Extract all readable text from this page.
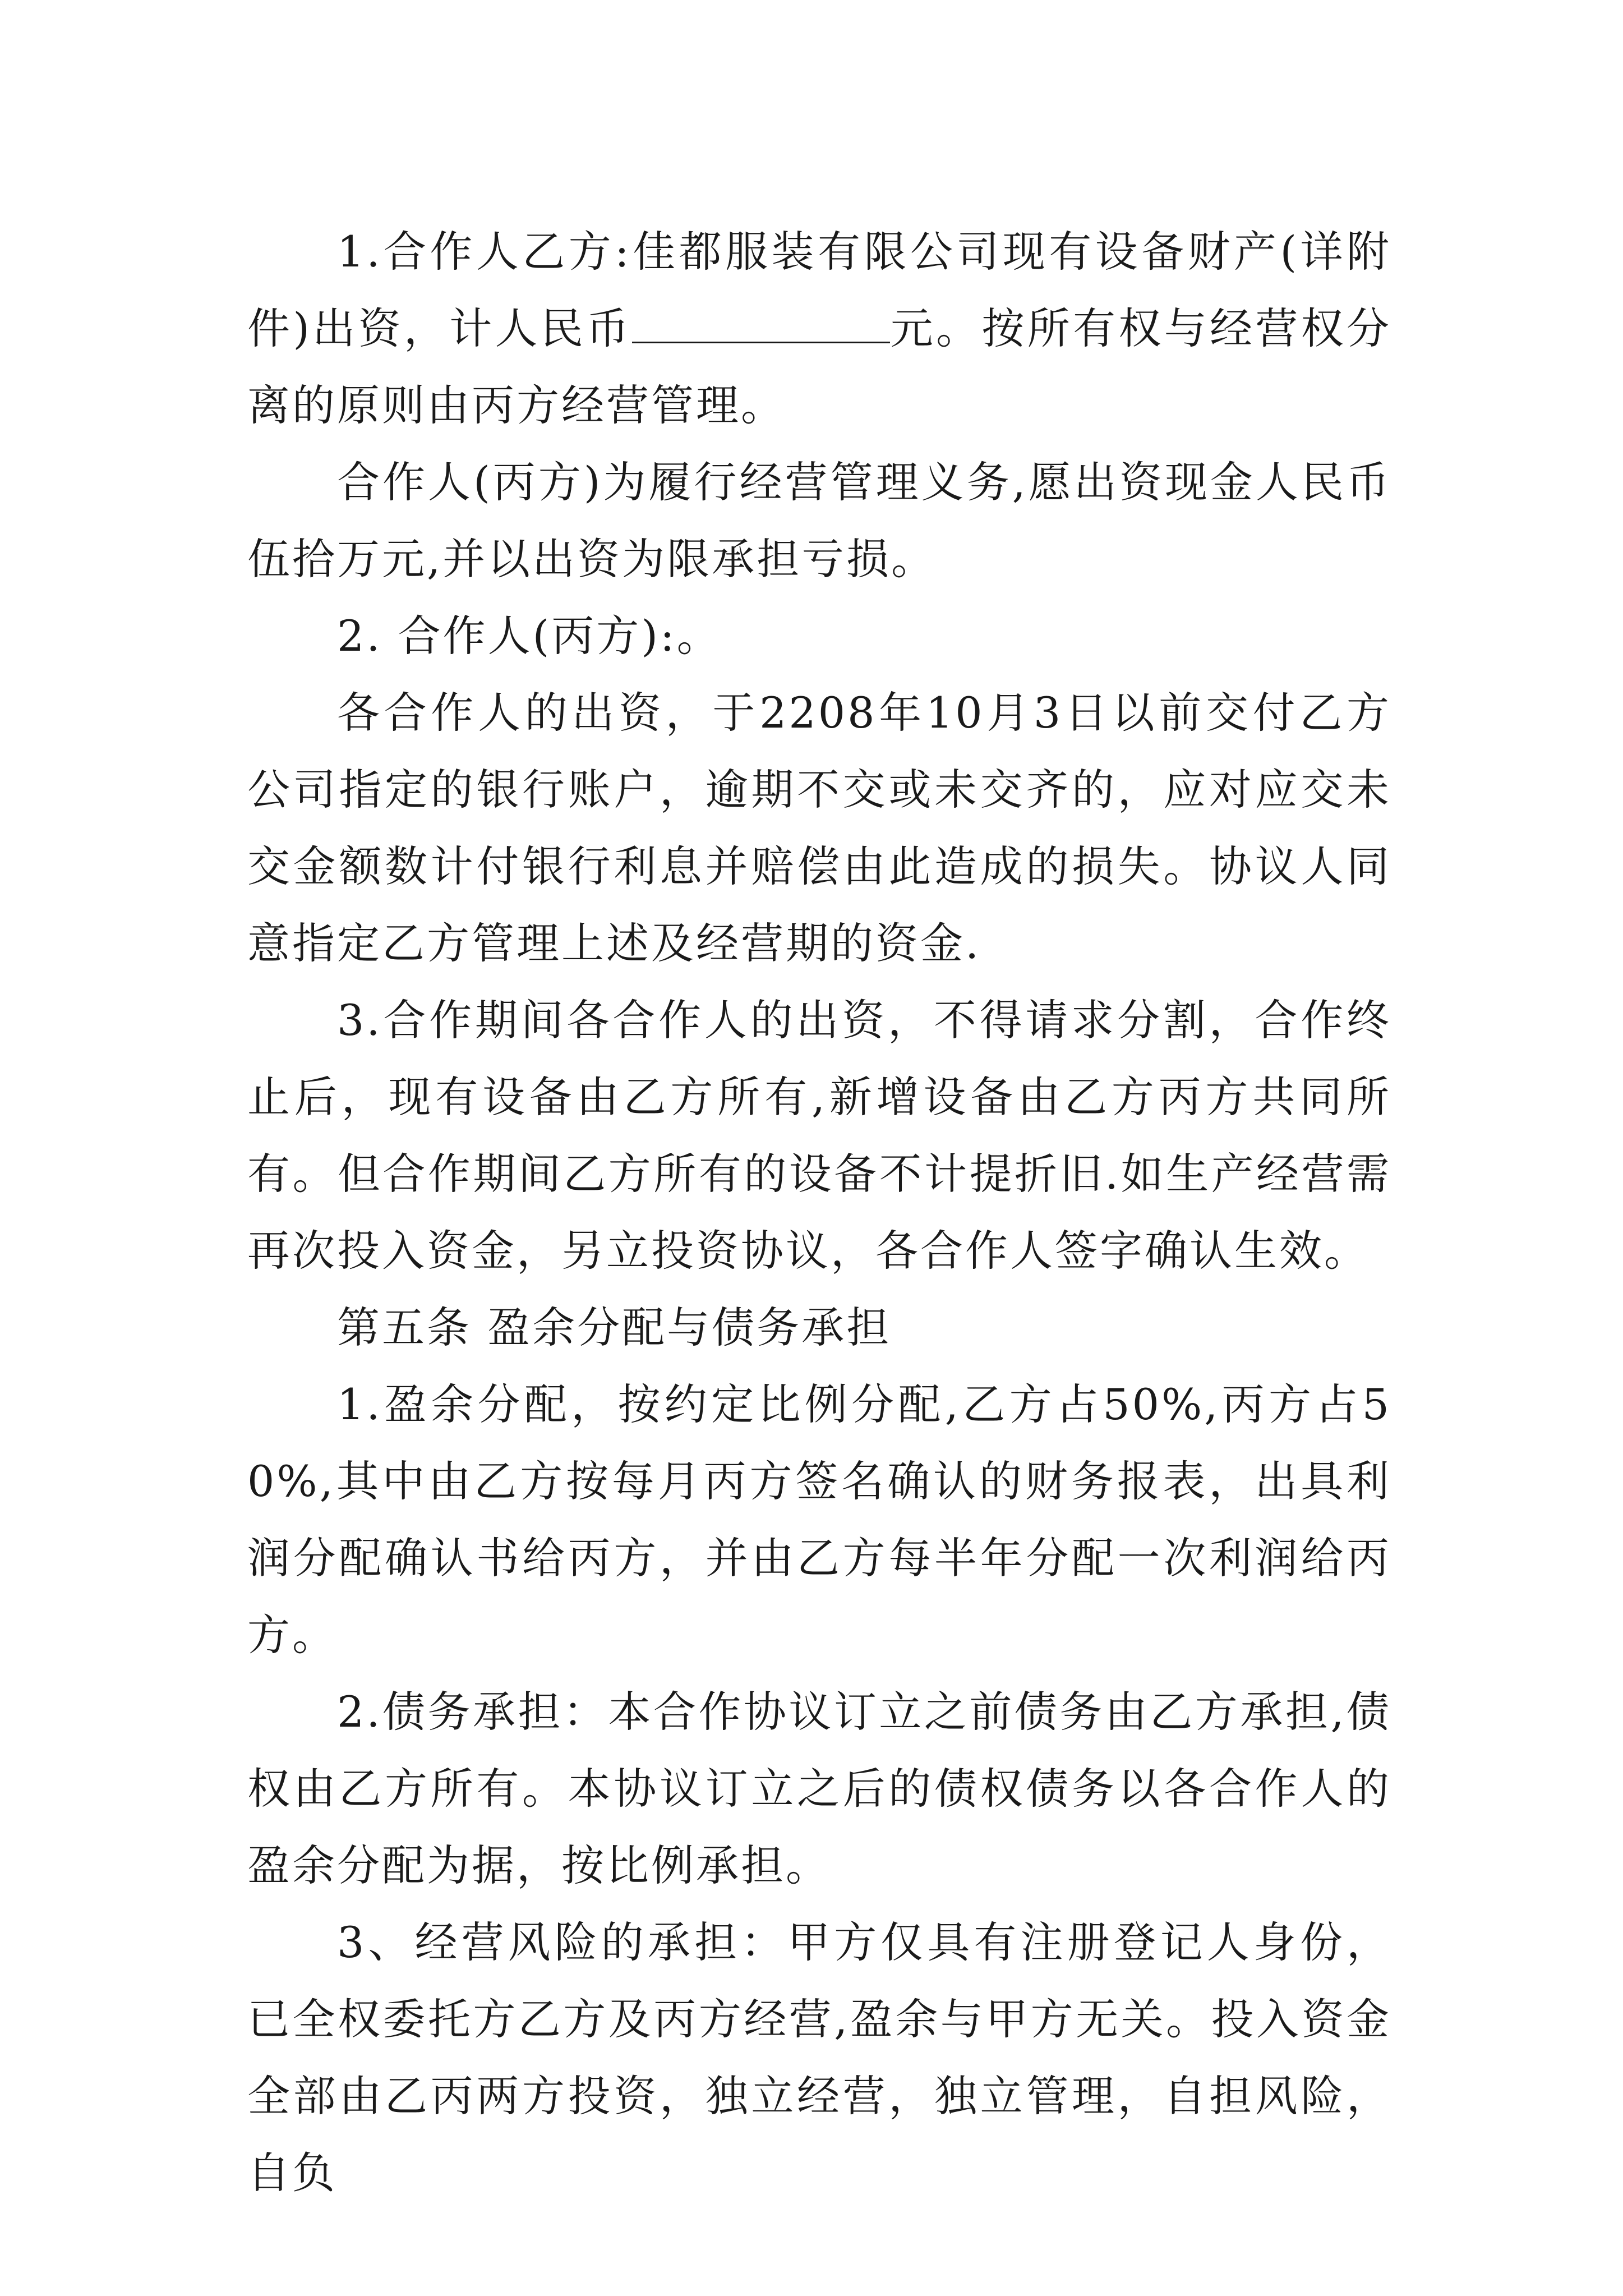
1.合作人乙方:佳都服装有限公司现有设备财产(详附件)出资，计人民币	元。按所有权与经营权分离的原则由丙方经营管理。

合作人(丙方)为履行经营管理义务,愿出资现金人民币伍拾万元,并以出资为限承担亏损。

2. 合作人(丙方):。

各合作人的出资，于2208年10月3日以前交付乙方公司指定的银行账户，逾期不交或未交齐的，应对应交未交金额数计付银行利息并赔偿由此造成的损失。协议人同意指定乙方管理上述及经营期的资金.

3.合作期间各合作人的出资，不得请求分割，合作终止后，现有设备由乙方所有,新增设备由乙方丙方共同所有。但合作期间乙方所有的设备不计提折旧.如生产经营需再次投入资金，另立投资协议，各合作人签字确认生效。

第五条 盈余分配与债务承担

1.盈余分配，按约定比例分配,乙方占50%,丙方占50%,其中由乙方按每月丙方签名确认的财务报表，出具利润分配确认书给丙方，并由乙方每半年分配一次利润给丙方。

2.债务承担：本合作协议订立之前债务由乙方承担,债权由乙方所有。本协议订立之后的债权债务以各合作人的盈余分配为据，按比例承担。

3、经营风险的承担：甲方仅具有注册登记人身份，已全权委托方乙方及丙方经营,盈余与甲方无关。投入资金全部由乙丙两方投资，独立经营，独立管理，自担风险，自负
